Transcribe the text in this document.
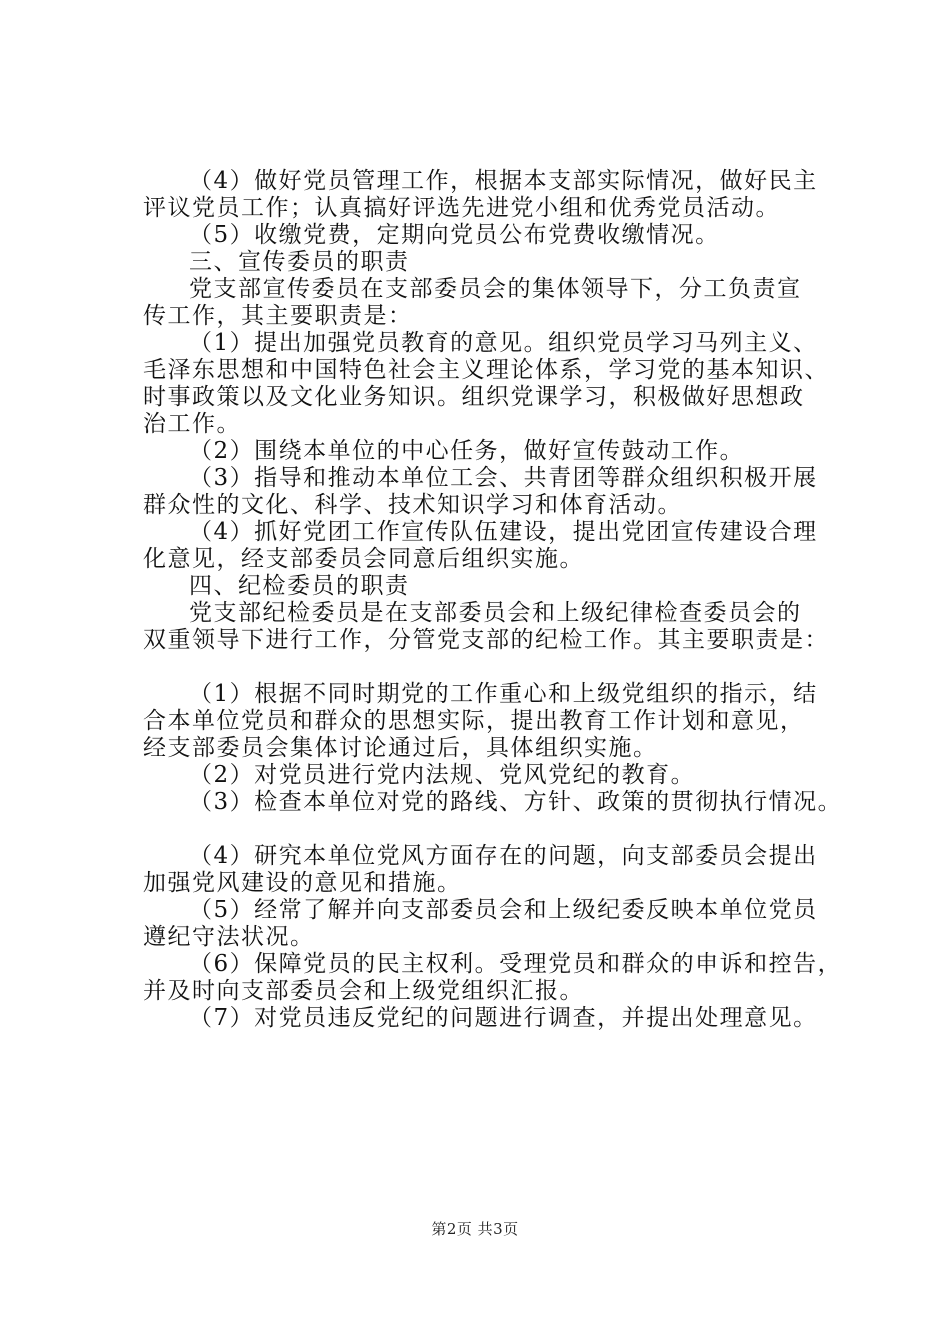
（4）做好党员管理工作，根据本支部实际情况，做好民主
评议党员工作；认真搞好评选先进党小组和优秀党员活动。
（5）收缴党费，定期向党员公布党费收缴情况。
三、宣传委员的职责
党支部宣传委员在支部委员会的集体领导下，分工负责宣
传工作，其主要职责是：
（1）提出加强党员教育的意见。组织党员学习马列主义、
毛泽东思想和中国特色社会主义理论体系，学习党的基本知识、
时事政策以及文化业务知识。组织党课学习，积极做好思想政
治工作。
（2）围绕本单位的中心任务，做好宣传鼓动工作。
（3）指导和推动本单位工会、共青团等群众组织积极开展
群众性的文化、科学、技术知识学习和体育活动。
（4）抓好党团工作宣传队伍建设，提出党团宣传建设合理
化意见，经支部委员会同意后组织实施。
四、纪检委员的职责
党支部纪检委员是在支部委员会和上级纪律检查委员会的
双重领导下进行工作，分管党支部的纪检工作。其主要职责是：
（1）根据不同时期党的工作重心和上级党组织的指示，结
合本单位党员和群众的思想实际，提出教育工作计划和意见，
经支部委员会集体讨论通过后，具体组织实施。
（2）对党员进行党内法规、党风党纪的教育。
（3）检查本单位对党的路线、方针、政策的贯彻执行情况。
（4）研究本单位党风方面存在的问题，向支部委员会提出
加强党风建设的意见和措施。
（5）经常了解并向支部委员会和上级纪委反映本单位党员
遵纪守法状况。
（6）保障党员的民主权利。受理党员和群众的申诉和控告，
并及时向支部委员会和上级党组织汇报。
（7）对党员违反党纪的问题进行调查，并提出处理意见。
第2页 共3页
